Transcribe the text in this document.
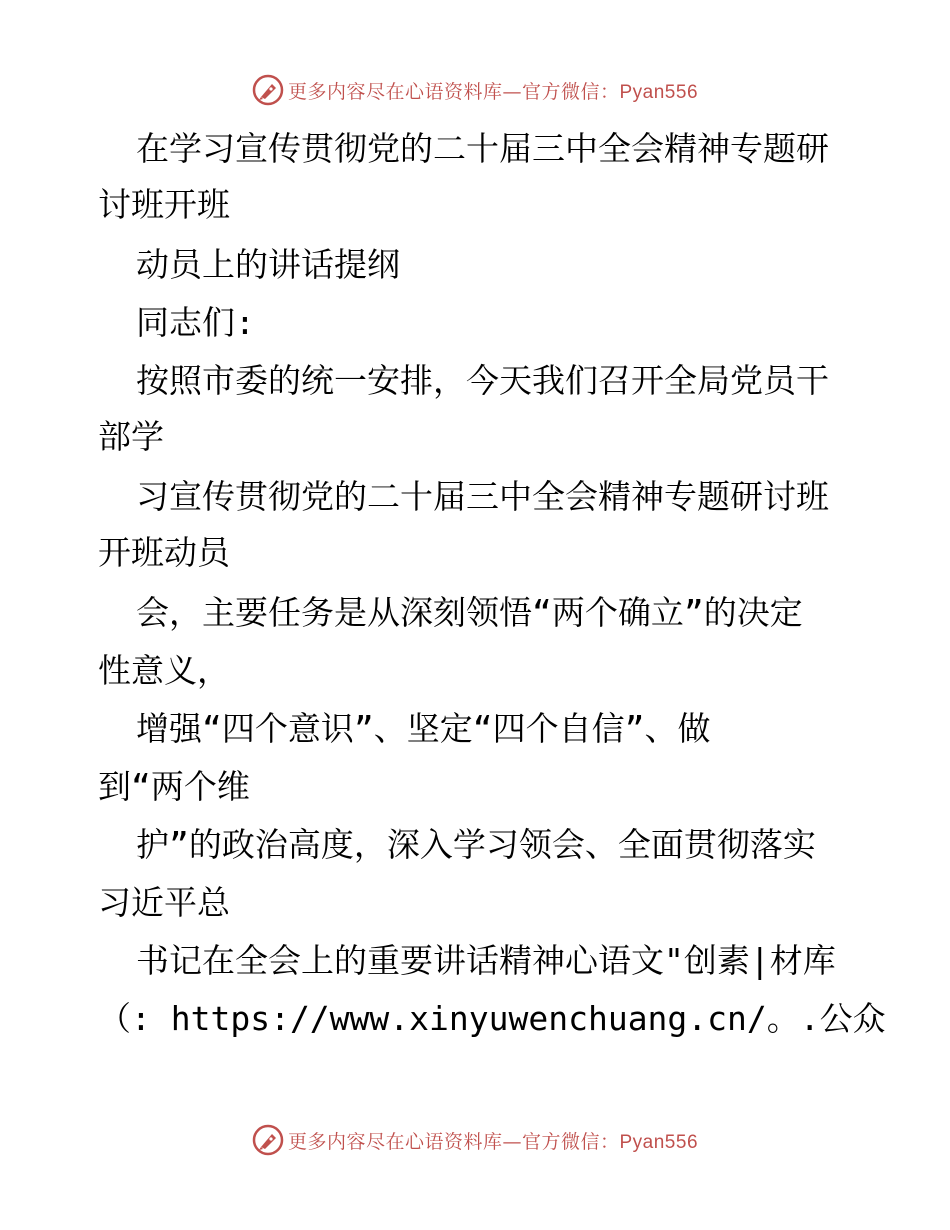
更多内容尽在心语资料库—官方微信：Pyan556
在学习宣传贯彻党的二十届三中全会精神专题研
讨班开班
动员上的讲话提纲
同志们:
按照市委的统一安排，今天我们召开全局党员干
部学
习宣传贯彻党的二十届三中全会精神专题研讨班
开班动员
会，主要任务是从深刻领悟“两个确立”的决定
性意义，
增强“四个意识”、坚定“四个自信”、做
到“两个维
护”的政治高度，深入学习领会、全面贯彻落实
习近平总
书记在全会上的重要讲话精神心语文"创素|材库
（: https://www.xinyuwenchuang.cn/。.公众
更多内容尽在心语资料库—官方微信：Pyan556
